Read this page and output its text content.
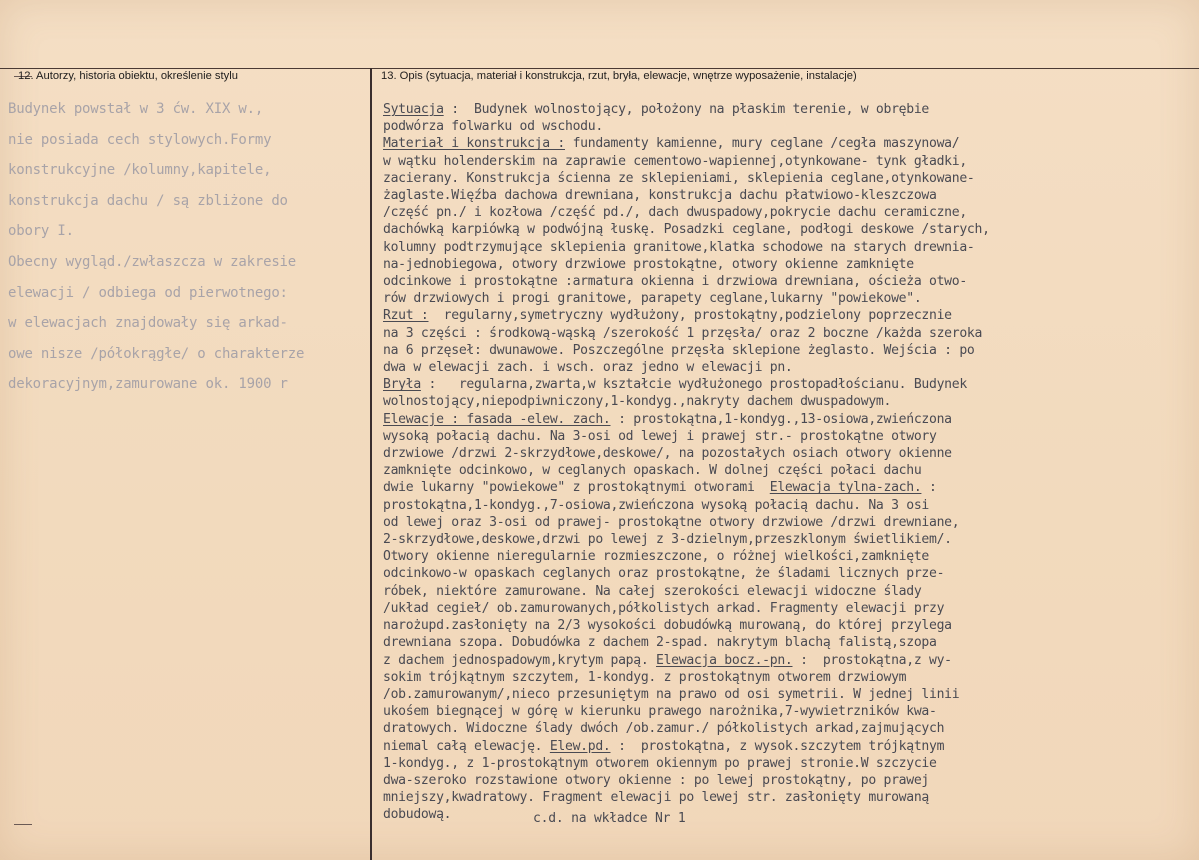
12. Autorzy, historia obiektu, określenie stylu	13. Opis (sytuacja, materiał i konstrukcja, rzut, bryła, elewacje, wnętrze wyposażenie, instalacje)
Budynek powstał w 3 ćw. XIX w.,
nie posiada cech stylowych.Formy
konstrukcyjne /kolumny,kapitele,
konstrukcja dachu / są zbliżone do
obory I.
Obecny wygląd./zwłaszcza w zakresie
elewacji / odbiega od pierwotnego:
w elewacjach znajdowały się arkad-
owe nisze /półokrągłe/ o charakterze
dekoracyjnym,zamurowane ok. 1900 r
Sytuacja :  Budynek wolnostojący, położony na płaskim terenie, w obrębie
podwórza folwarku od wschodu.
Materiał i konstrukcja : fundamenty kamienne, mury ceglane /cegła maszynowa/
w wątku holenderskim na zaprawie cementowo-wapiennej,otynkowane- tynk gładki,
zacierany. Konstrukcja ścienna ze sklepieniami, sklepienia ceglane,otynkowane-
żaglaste.Więźba dachowa drewniana, konstrukcja dachu płatwiowo-kleszczowa
/część pn./ i kozłowa /część pd./, dach dwuspadowy,pokrycie dachu ceramiczne,
dachówką karpiówką w podwójną łuskę. Posadzki ceglane, podłogi deskowe /starych,
kolumny podtrzymujące sklepienia granitowe,klatka schodowe na starych drewnia-
na-jednobiegowa, otwory drzwiowe prostokątne, otwory okienne zamknięte
odcinkowe i prostokątne :armatura okienna i drzwiowa drewniana, ościeża otwo-
rów drzwiowych i progi granitowe, parapety ceglane,lukarny "powiekowe".
Rzut :  regularny,symetryczny wydłużony, prostokątny,podzielony poprzecznie
na 3 części : środkową-wąską /szerokość 1 przęsła/ oraz 2 boczne /każda szeroka
na 6 przęseł: dwunawowe. Poszczególne przęsła sklepione żeglasto. Wejścia : po
dwa w elewacji zach. i wsch. oraz jedno w elewacji pn.
Bryła :   regularna,zwarta,w kształcie wydłużonego prostopadłościanu. Budynek
wolnostojący,niepodpiwniczony,1-kondyg.,nakryty dachem dwuspadowym.
Elewacje : fasada -elew. zach. : prostokątna,1-kondyg.,13-osiowa,zwieńczona
wysoką połacią dachu. Na 3-osi od lewej i prawej str.- prostokątne otwory
drzwiowe /drzwi 2-skrzydłowe,deskowe/, na pozostałych osiach otwory okienne
zamknięte odcinkowo, w ceglanych opaskach. W dolnej części połaci dachu
dwie lukarny "powiekowe" z prostokątnymi otworami  Elewacja tylna-zach. :
prostokątna,1-kondyg.,7-osiowa,zwieńczona wysoką połacią dachu. Na 3 osi
od lewej oraz 3-osi od prawej- prostokątne otwory drzwiowe /drzwi drewniane,
2-skrzydłowe,deskowe,drzwi po lewej z 3-dzielnym,przeszklonym świetlikiem/.
Otwory okienne nieregularnie rozmieszczone, o różnej wielkości,zamknięte
odcinkowo-w opaskach ceglanych oraz prostokątne, że śladami licznych prze-
róbek, niektóre zamurowane. Na całej szerokości elewacji widoczne ślady
/układ cegieł/ ob.zamurowanych,półkolistych arkad. Fragmenty elewacji przy
narożupd.zasłonięty na 2/3 wysokości dobudówką murowaną, do której przylega
drewniana szopa. Dobudówka z dachem 2-spad. nakrytym blachą falistą,szopa
z dachem jednospadowym,krytym papą. Elewacja bocz.-pn. :  prostokątna,z wy-
sokim trójkątnym szczytem, 1-kondyg. z prostokątnym otworem drzwiowym
/ob.zamurowanym/,nieco przesuniętym na prawo od osi symetrii. W jednej linii
ukośem biegnącej w górę w kierunku prawego narożnika,7-wywietrzników kwa-
dratowych. Widoczne ślady dwóch /ob.zamur./ półkolistych arkad,zajmujących
niemal całą elewację. Elew.pd. :  prostokątna, z wysok.szczytem trójkątnym
1-kondyg., z 1-prostokątnym otworem okiennym po prawej stronie.W szczycie
dwa-szeroko rozstawione otwory okienne : po lewej prostokątny, po prawej
mniejszy,kwadratowy. Fragment elewacji po lewej str. zasłonięty murowaną
dobudową.	c.d. na wkładce Nr 1
